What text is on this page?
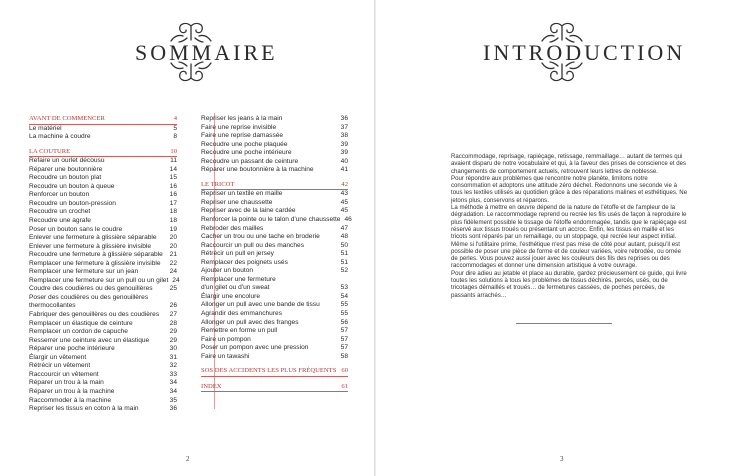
SOMMAIRE	INTRODUCTION
AVANT DE COMMENCER	4
Le matériel	5
La machine à coudre	8
LA COUTURE	10
Refaire un ourlet décousu	11
Réparer une boutonnière	14
Recoudre un bouton plat	15
Recoudre un bouton à queue	16
Renforcer un bouton	16
Recoudre un bouton-pression	17
Recoudre un crochet	18
Recoudre une agrafe	18
Poser un bouton sans le coudre	19
Enlever une fermeture à glissière séparable	20
Enlever une fermeture à glissière invisible	20
Recoudre une fermeture à glissière séparable	21
Remplacer une fermeture à glissière invisible	22
Remplacer une fermeture sur un jean	24
Remplacer une fermeture sur un pull ou un gilet 24
Coudre des coudières ou des genouillères	25
Poser des coudières ou des genouillères
thermocollantes	26
Fabriquer des genouillères ou des coudières	27
Remplacer un élastique de ceinture	28
Remplacer un cordon de capuche	29
Resserrer une ceinture avec un élastique	29
Réparer une poche intérieure	30
Élargir un vêtement	31
Rétrécir un vêtement	32
Raccourcir un vêtement	33
Réparer un trou à la main	34
Réparer un trou à la machine	34
Raccommoder à la machine	35
Repriser les tissus en coton à la main	36
Repriser les jeans à la main	36
Faire une reprise invisible	37
Faire une reprise damassée	38
Recoudre une poche plaquée	39
Recoudre une poche intérieure	39
Recoudre un passant de ceinture	40
Réparer une boutonnière à la machine	41
LE TRICOT	42
Repriser un textile en maille	43
Repriser une chaussette	45
Repriser avec de la laine cardée	45
Renforcer la pointe ou le talon d'une chaussette 46
Rebroder des mailles	47
Cacher un trou ou une tache en broderie	48
Raccourcir un pull ou des manches	50
Rétrécir un pull en jersey	51
Remplacer des poignets usés	51
Ajouter un bouton	52
Remplacer une fermeture
d'un gilet ou d'un sweat	53
Élargir une encolure	54
Allonger un pull avec une bande de tissu	55
Agrandir des emmanchures	55
Allonger un pull avec des franges	56
Remettre en forme un pull	57
Faire un pompon	57
Poser un pompon avec une pression	57
Faire un tawashi	58
SOS DES ACCIDENTS LES PLUS FRÉQUENTS 60
INDEX	61

Raccommodage, reprisage, rapiéçage, retissage, remmaillage… autant de termes qui avaient disparu de notre vocabulaire et qui, à la faveur des prises de conscience et des changements de comportement actuels, retrouvent leurs lettres de noblesse.

Pour répondre aux problèmes que rencontre notre planète, limitons notre consommation et adoptons une attitude zéro déchet. Redonnons une seconde vie à tous les textiles utilisés au quotidien grâce à des réparations malines et esthétiques. Ne jetons plus, conservons et réparons.

La méthode à mettre en œuvre dépend de la nature de l'étoffe et de l'ampleur de la dégradation. Le raccommodage reprend ou recrée les fils usés de façon à reproduire le plus fidèlement possible le tissage de l'étoffe endommagée, tandis que le rapiéçage est réservé aux tissus troués ou présentant un accroc. Enfin, les tissus en maille et les tricots sont réparés par un remaillage, ou un stoppage, qui recrée leur aspect initial.

Même si l'utilitaire prime, l'esthétique n'est pas mise de côté pour autant, puisqu'il est possible de poser une pièce de forme et de couleur variées, voire rebrodée, ou ornée de perles. Vous pouvez aussi jouer avec les couleurs des fils des reprises ou des raccommodages et donner une dimension artistique à votre ouvrage.

Pour dire adieu au jetable et place au durable, gardez précieusement ce guide, qui livre toutes les solutions à tous les problèmes de tissus déchirés, percés, usés, ou de tricotages démaillés et troués… de fermetures cassées, de poches percées, de passants arrachés…

2	3
